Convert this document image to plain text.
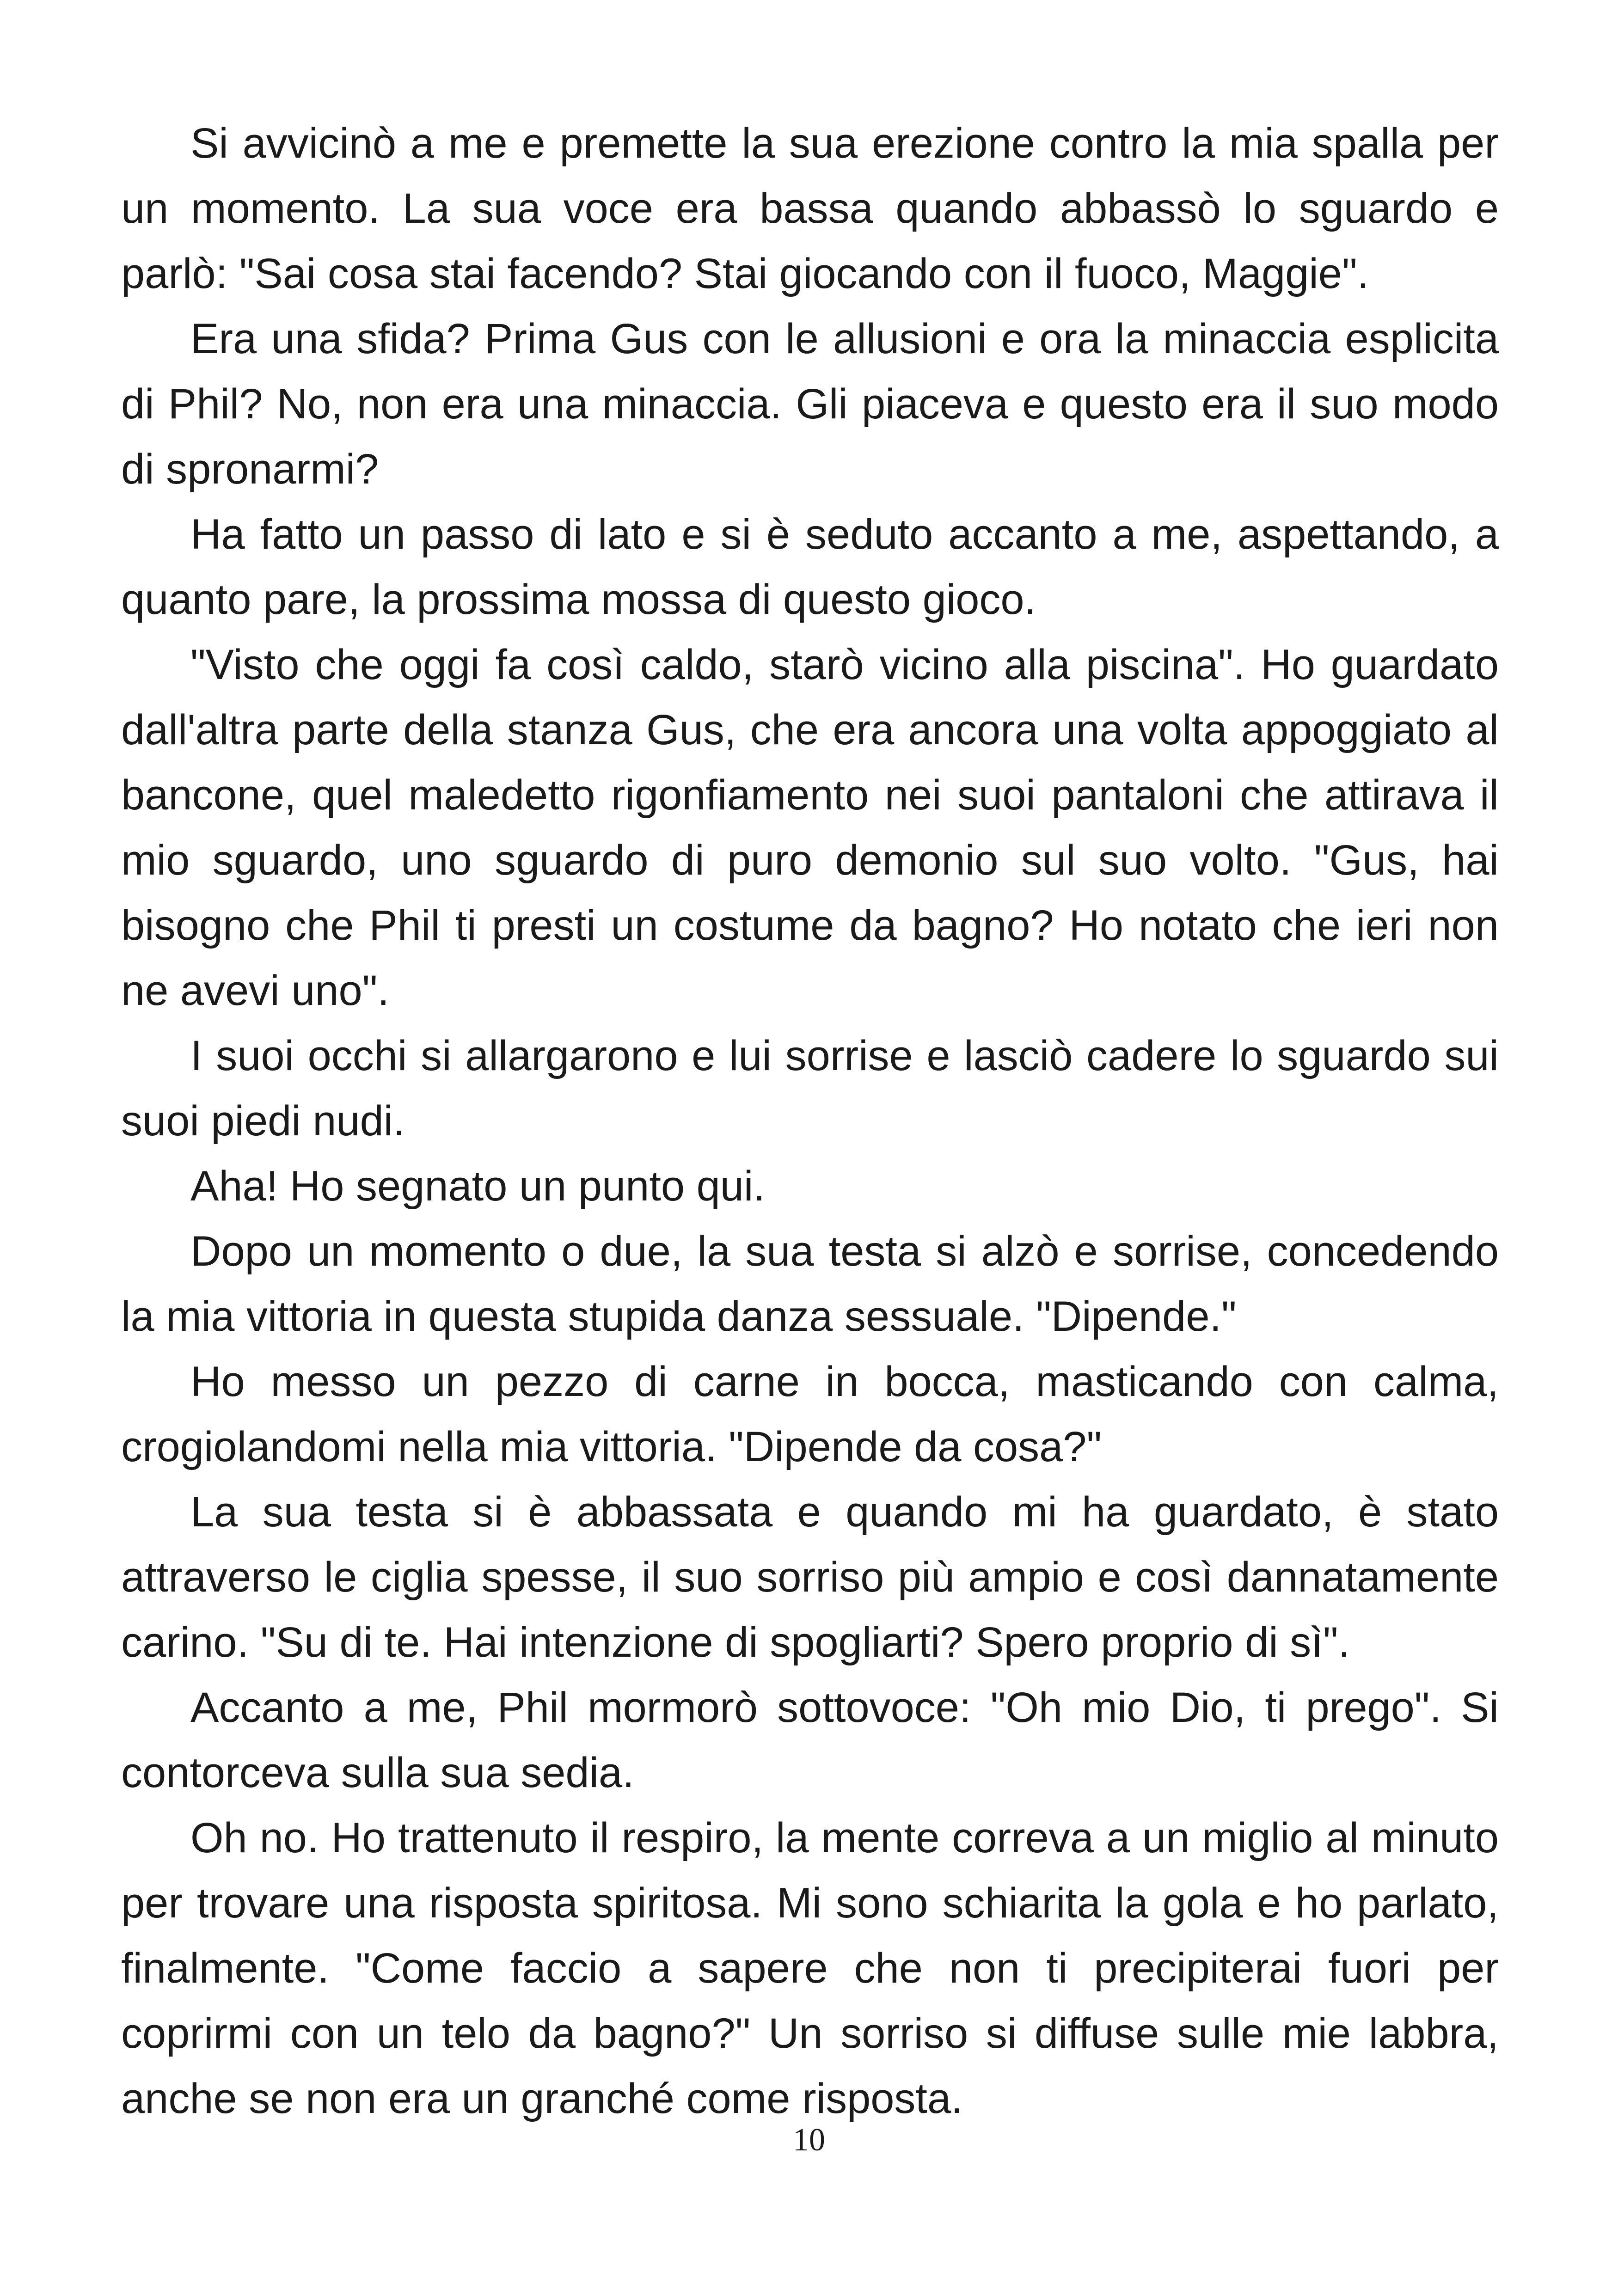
Si avvicinò a me e premette la sua erezione contro la mia spalla per un momento. La sua voce era bassa quando abbassò lo sguardo e parlò: "Sai cosa stai facendo? Stai giocando con il fuoco, Maggie".

Era una sfida? Prima Gus con le allusioni e ora la minaccia esplicita di Phil? No, non era una minaccia. Gli piaceva e questo era il suo modo di spronarmi?

Ha fatto un passo di lato e si è seduto accanto a me, aspettando, a quanto pare, la prossima mossa di questo gioco.

"Visto che oggi fa così caldo, starò vicino alla piscina". Ho guardato dall'altra parte della stanza Gus, che era ancora una volta appoggiato al bancone, quel maledetto rigonfiamento nei suoi pantaloni che attirava il mio sguardo, uno sguardo di puro demonio sul suo volto. "Gus, hai bisogno che Phil ti presti un costume da bagno? Ho notato che ieri non ne avevi uno".

I suoi occhi si allargarono e lui sorrise e lasciò cadere lo sguardo sui suoi piedi nudi.

Aha! Ho segnato un punto qui.

Dopo un momento o due, la sua testa si alzò e sorrise, concedendo la mia vittoria in questa stupida danza sessuale. "Dipende."

Ho messo un pezzo di carne in bocca, masticando con calma, crogiolandomi nella mia vittoria. "Dipende da cosa?"

La sua testa si è abbassata e quando mi ha guardato, è stato attraverso le ciglia spesse, il suo sorriso più ampio e così dannatamente carino. "Su di te. Hai intenzione di spogliarti? Spero proprio di sì".

Accanto a me, Phil mormorò sottovoce: "Oh mio Dio, ti prego". Si contorceva sulla sua sedia.

Oh no. Ho trattenuto il respiro, la mente correva a un miglio al minuto per trovare una risposta spiritosa. Mi sono schiarita la gola e ho parlato, finalmente. "Come faccio a sapere che non ti precipiterai fuori per coprirmi con un telo da bagno?" Un sorriso si diffuse sulle mie labbra, anche se non era un granché come risposta.

10
